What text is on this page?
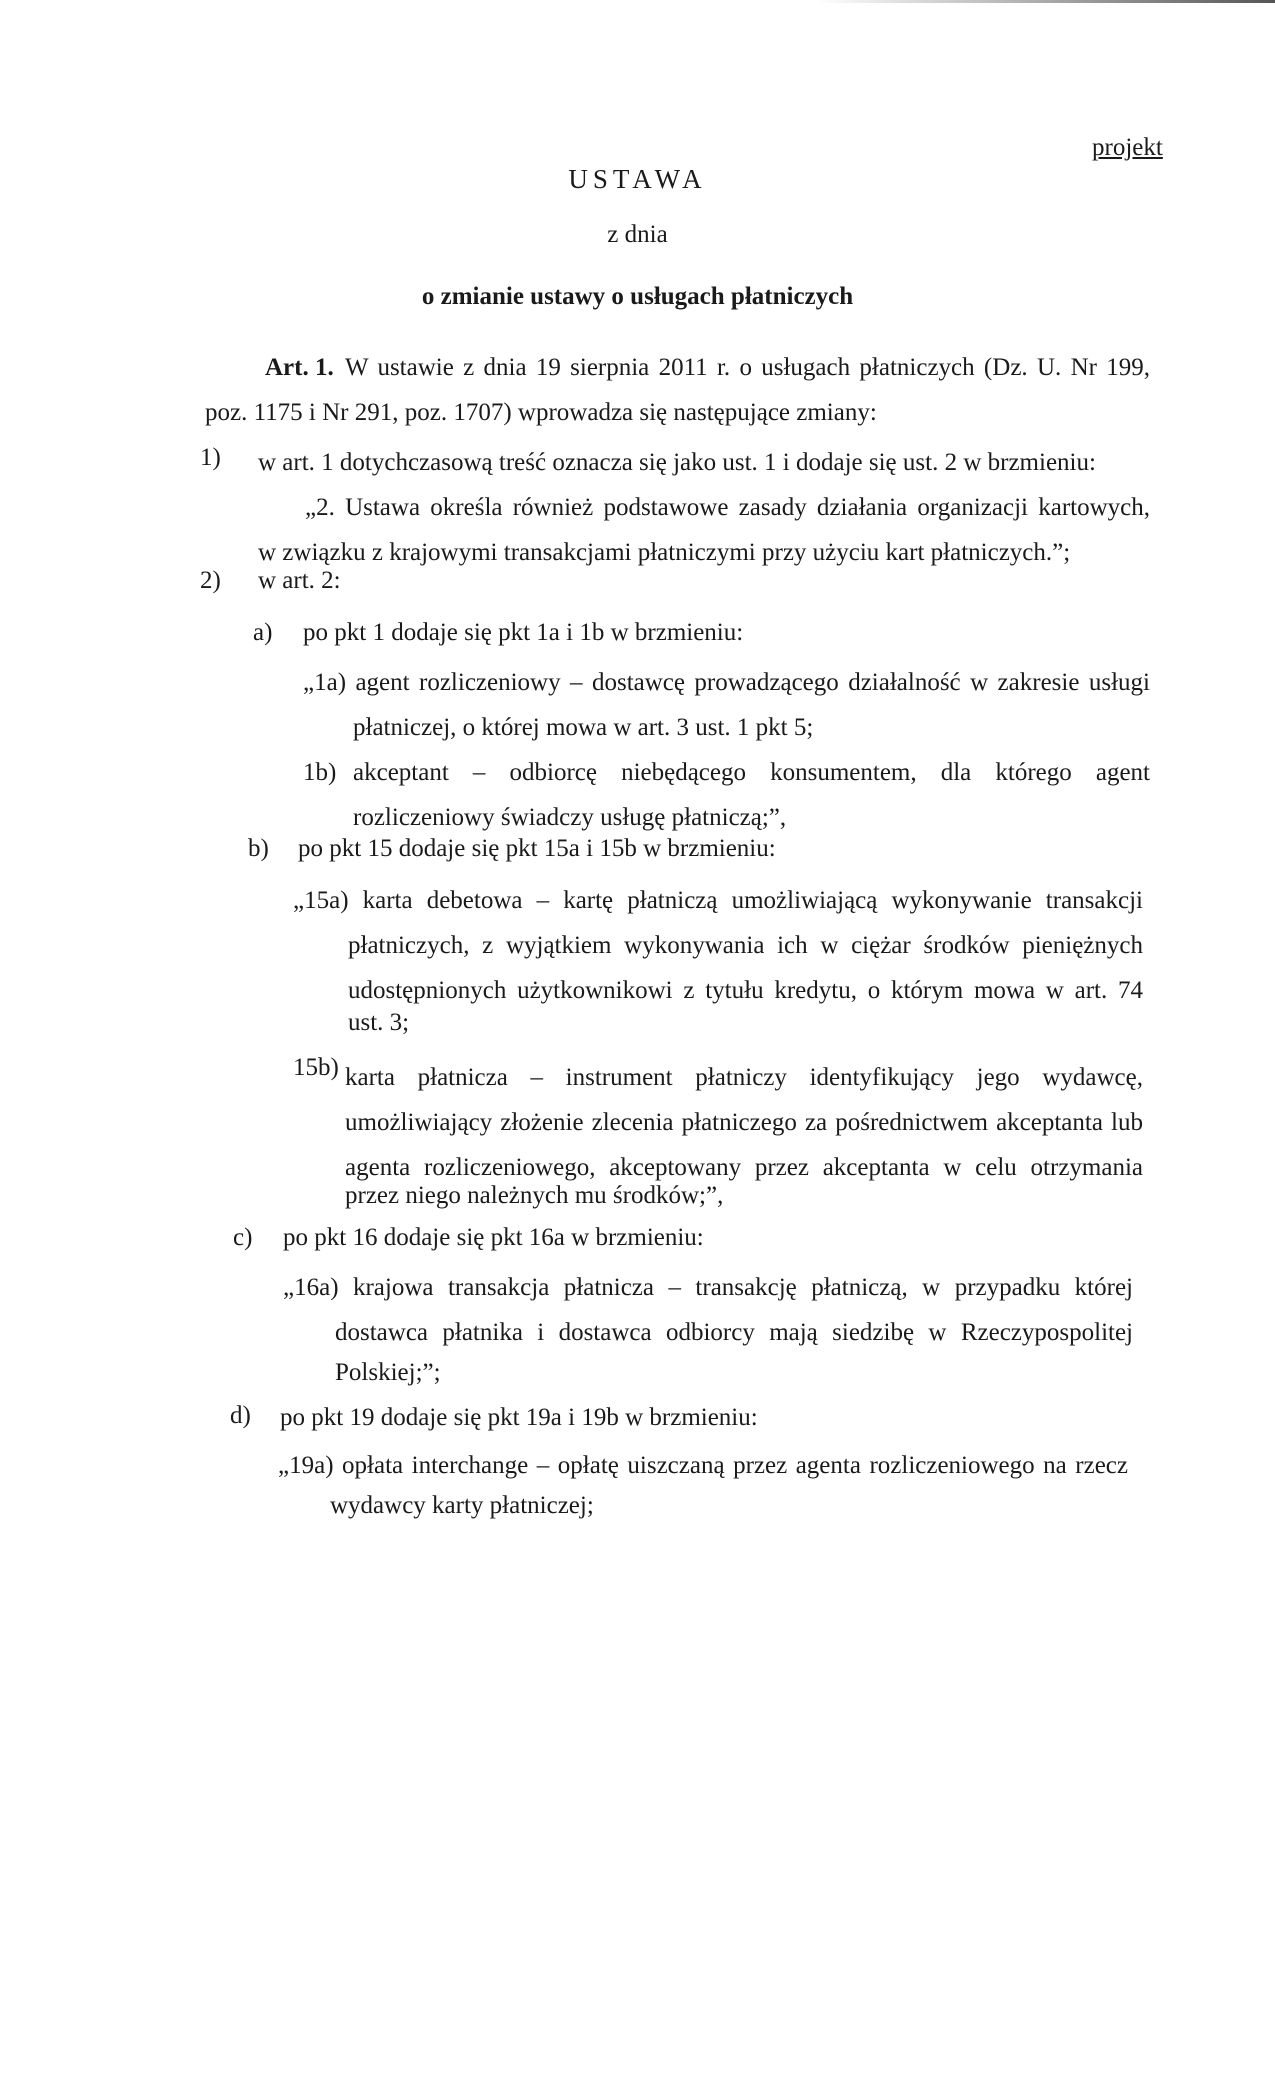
projekt
USTAWA
z dnia
o zmianie ustawy o usługach płatniczych
Art. 1. W ustawie z dnia 19 sierpnia 2011 r. o usługach płatniczych (Dz. U. Nr 199,
poz. 1175 i Nr 291, poz. 1707) wprowadza się następujące zmiany:
1) w art. 1 dotychczasową treść oznacza się jako ust. 1 i dodaje się ust. 2 w brzmieniu:
„2. Ustawa określa również podstawowe zasady działania organizacji kartowych,
w związku z krajowymi transakcjami płatniczymi przy użyciu kart płatniczych.”;
2) w art. 2:
a) po pkt 1 dodaje się pkt 1a i 1b w brzmieniu:
„1a) agent rozliczeniowy – dostawcę prowadzącego działalność w zakresie usługi
płatniczej, o której mowa w art. 3 ust. 1 pkt 5;
1b) akceptant – odbiorcę niebędącego konsumentem, dla którego agent
rozliczeniowy świadczy usługę płatniczą;”,
b) po pkt 15 dodaje się pkt 15a i 15b w brzmieniu:
„15a) karta debetowa – kartę płatniczą umożliwiającą wykonywanie transakcji
płatniczych, z wyjątkiem wykonywania ich w ciężar środków pieniężnych
udostępnionych użytkownikowi z tytułu kredytu, o którym mowa w art. 74
ust. 3;
15b) karta płatnicza – instrument płatniczy identyfikujący jego wydawcę,
umożliwiający złożenie zlecenia płatniczego za pośrednictwem akceptanta lub
agenta rozliczeniowego, akceptowany przez akceptanta w celu otrzymania
przez niego należnych mu środków;”,
c) po pkt 16 dodaje się pkt 16a w brzmieniu:
„16a) krajowa transakcja płatnicza – transakcję płatniczą, w przypadku której
dostawca płatnika i dostawca odbiorcy mają siedzibę w Rzeczypospolitej
Polskiej;”;
d) po pkt 19 dodaje się pkt 19a i 19b w brzmieniu:
„19a) opłata interchange – opłatę uiszczaną przez agenta rozliczeniowego na rzecz
wydawcy karty płatniczej;
